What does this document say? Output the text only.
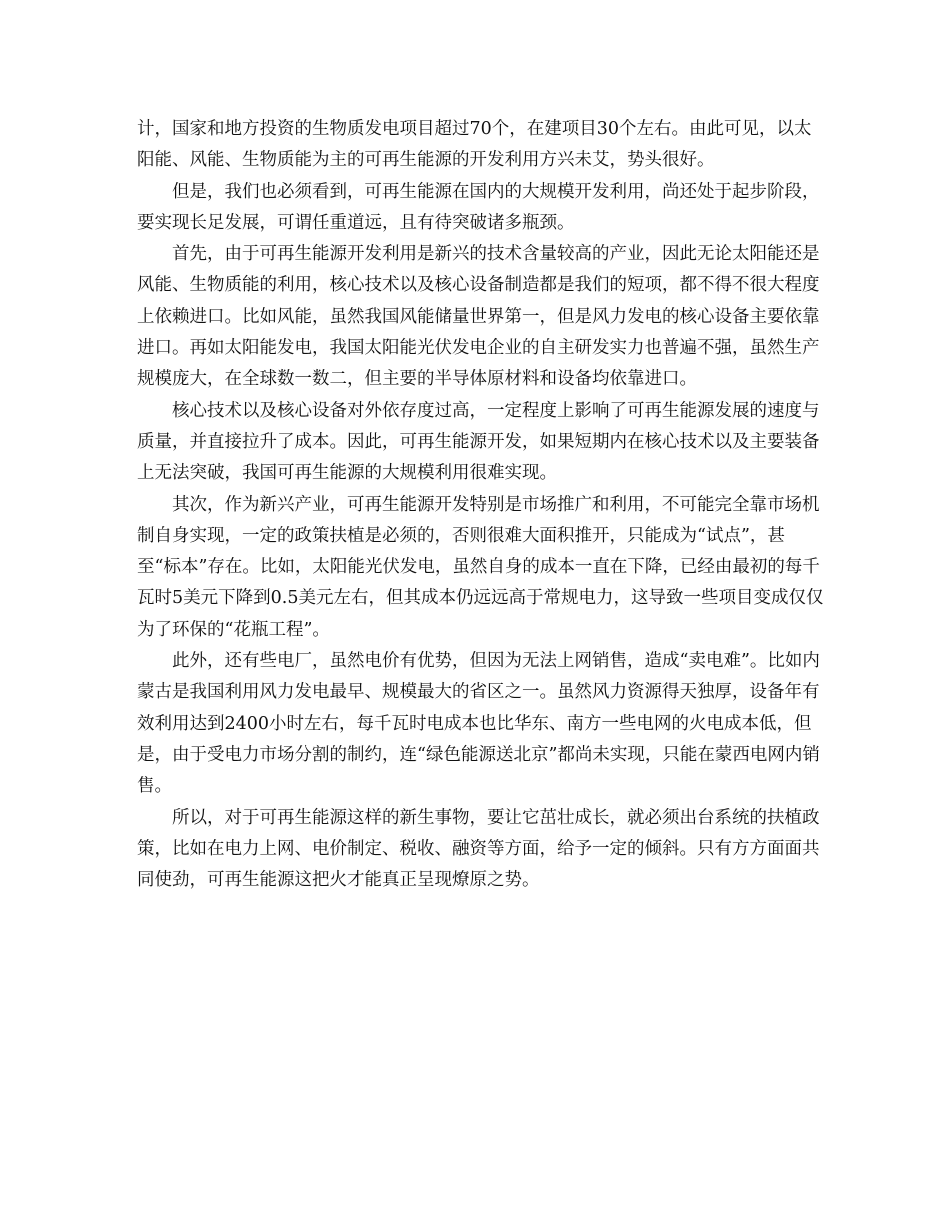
计，国家和地方投资的生物质发电项目超过70个，在建项目30个左右。由此可见，以太阳能、风能、生物质能为主的可再生能源的开发利用方兴未艾，势头很好。

但是，我们也必须看到，可再生能源在国内的大规模开发利用，尚还处于起步阶段，要实现长足发展，可谓任重道远，且有待突破诸多瓶颈。

首先，由于可再生能源开发利用是新兴的技术含量较高的产业，因此无论太阳能还是风能、生物质能的利用，核心技术以及核心设备制造都是我们的短项，都不得不很大程度上依赖进口。比如风能，虽然我国风能储量世界第一，但是风力发电的核心设备主要依靠进口。再如太阳能发电，我国太阳能光伏发电企业的自主研发实力也普遍不强，虽然生产规模庞大，在全球数一数二，但主要的半导体原材料和设备均依靠进口。

核心技术以及核心设备对外依存度过高，一定程度上影响了可再生能源发展的速度与质量，并直接拉升了成本。因此，可再生能源开发，如果短期内在核心技术以及主要装备上无法突破，我国可再生能源的大规模利用很难实现。

其次，作为新兴产业，可再生能源开发特别是市场推广和利用，不可能完全靠市场机制自身实现，一定的政策扶植是必须的，否则很难大面积推开，只能成为“试点”，甚至“标本”存在。比如，太阳能光伏发电，虽然自身的成本一直在下降，已经由最初的每千瓦时5美元下降到0.5美元左右，但其成本仍远远高于常规电力，这导致一些项目变成仅仅为了环保的“花瓶工程”。

此外，还有些电厂，虽然电价有优势，但因为无法上网销售，造成“卖电难”。比如内蒙古是我国利用风力发电最早、规模最大的省区之一。虽然风力资源得天独厚，设备年有效利用达到2400小时左右，每千瓦时电成本也比华东、南方一些电网的火电成本低，但是，由于受电力市场分割的制约，连“绿色能源送北京”都尚未实现，只能在蒙西电网内销售。

所以，对于可再生能源这样的新生事物，要让它茁壮成长，就必须出台系统的扶植政策，比如在电力上网、电价制定、税收、融资等方面，给予一定的倾斜。只有方方面面共同使劲，可再生能源这把火才能真正呈现燎原之势。
